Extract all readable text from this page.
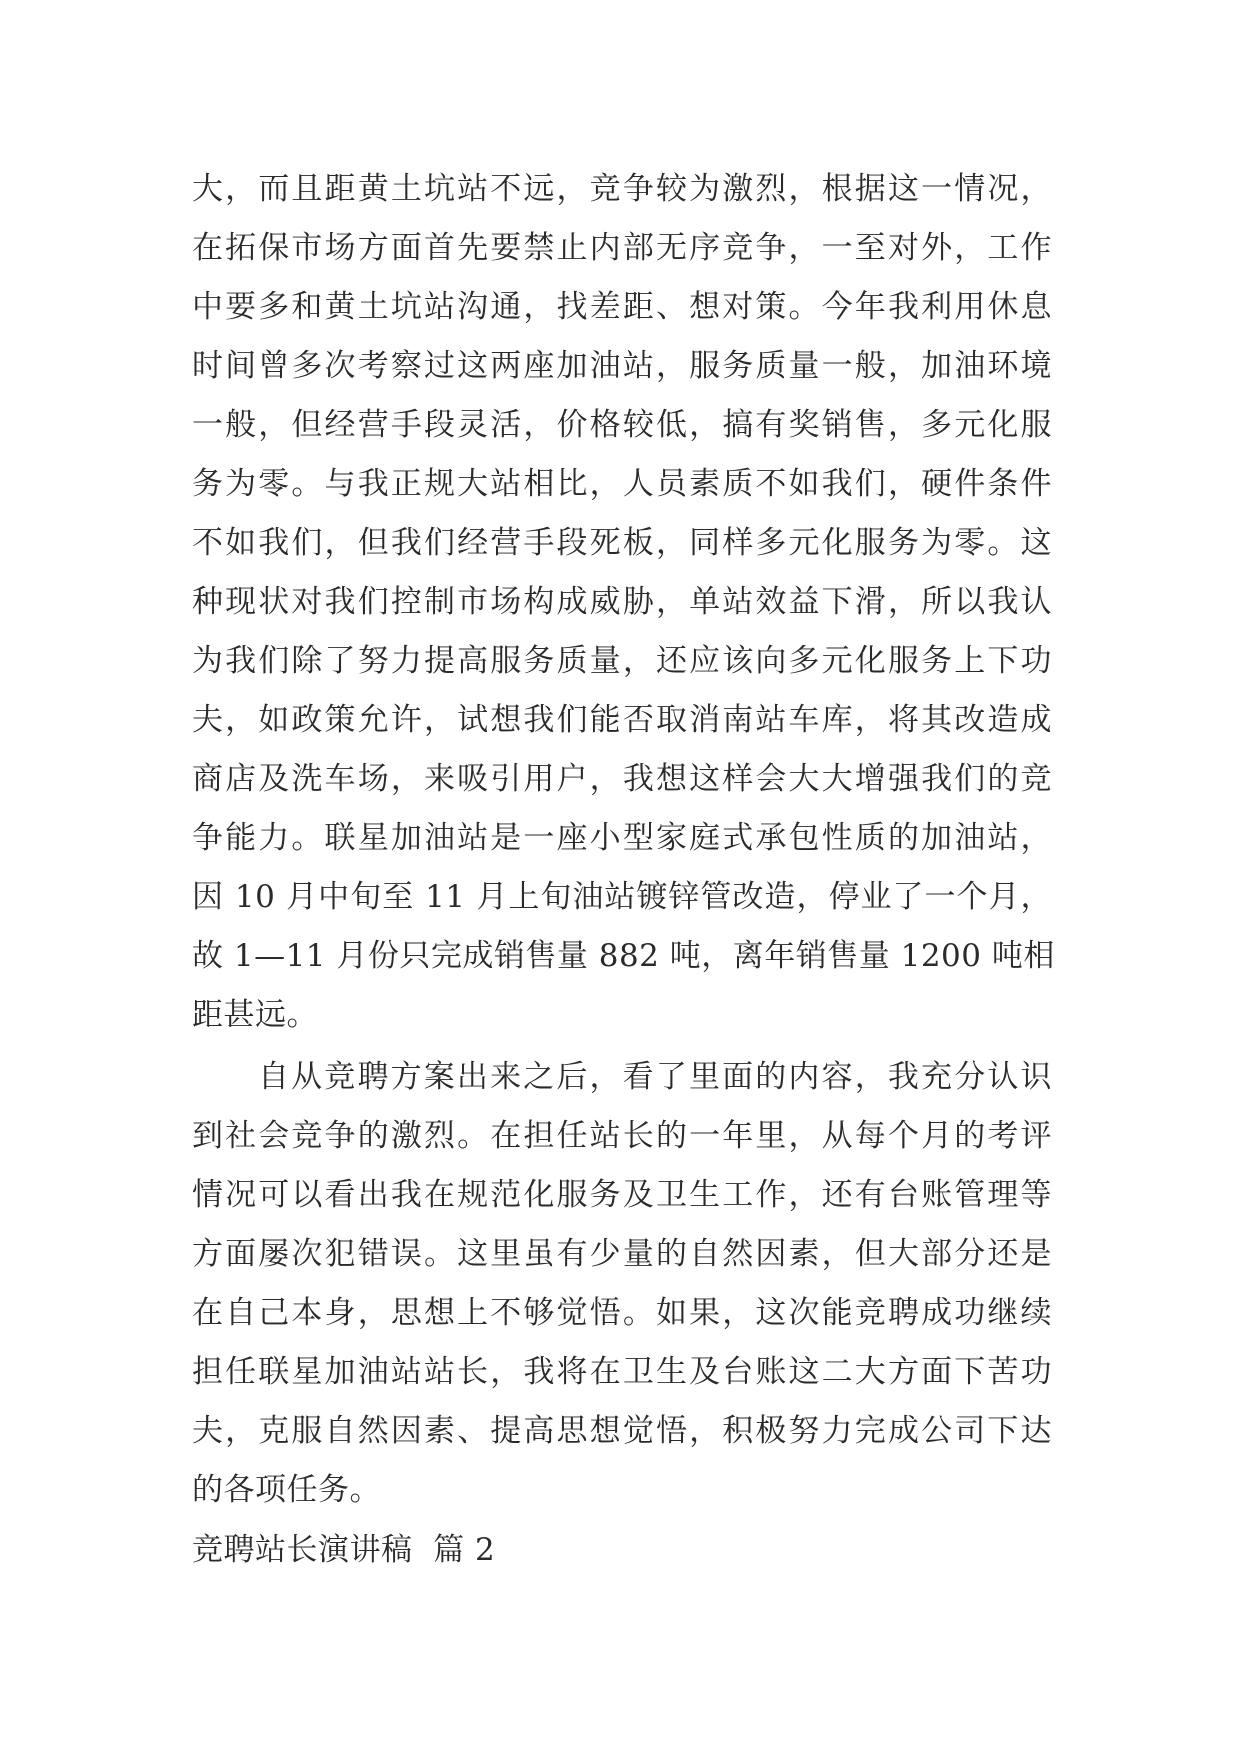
大，而且距黄土坑站不远，竞争较为激烈，根据这一情况，
在拓保市场方面首先要禁止内部无序竞争，一至对外，工作
中要多和黄土坑站沟通，找差距、想对策。今年我利用休息
时间曾多次考察过这两座加油站，服务质量一般，加油环境
一般，但经营手段灵活，价格较低，搞有奖销售，多元化服
务为零。与我正规大站相比，人员素质不如我们，硬件条件
不如我们，但我们经营手段死板，同样多元化服务为零。这
种现状对我们控制市场构成威胁，单站效益下滑，所以我认
为我们除了努力提高服务质量，还应该向多元化服务上下功
夫，如政策允许，试想我们能否取消南站车库，将其改造成
商店及洗车场，来吸引用户，我想这样会大大增强我们的竞
争能力。联星加油站是一座小型家庭式承包性质的加油站，
因 10 月中旬至 11 月上旬油站镀锌管改造，停业了一个月，
故 1—11 月份只完成销售量 882 吨，离年销售量 1200 吨相
距甚远。
自从竞聘方案出来之后，看了里面的内容，我充分认识
到社会竞争的激烈。在担任站长的一年里，从每个月的考评
情况可以看出我在规范化服务及卫生工作，还有台账管理等
方面屡次犯错误。这里虽有少量的自然因素，但大部分还是
在自己本身，思想上不够觉悟。如果，这次能竞聘成功继续
担任联星加油站站长，我将在卫生及台账这二大方面下苦功
夫，克服自然因素、提高思想觉悟，积极努力完成公司下达
的各项任务。
竞聘站长演讲稿  篇 2
